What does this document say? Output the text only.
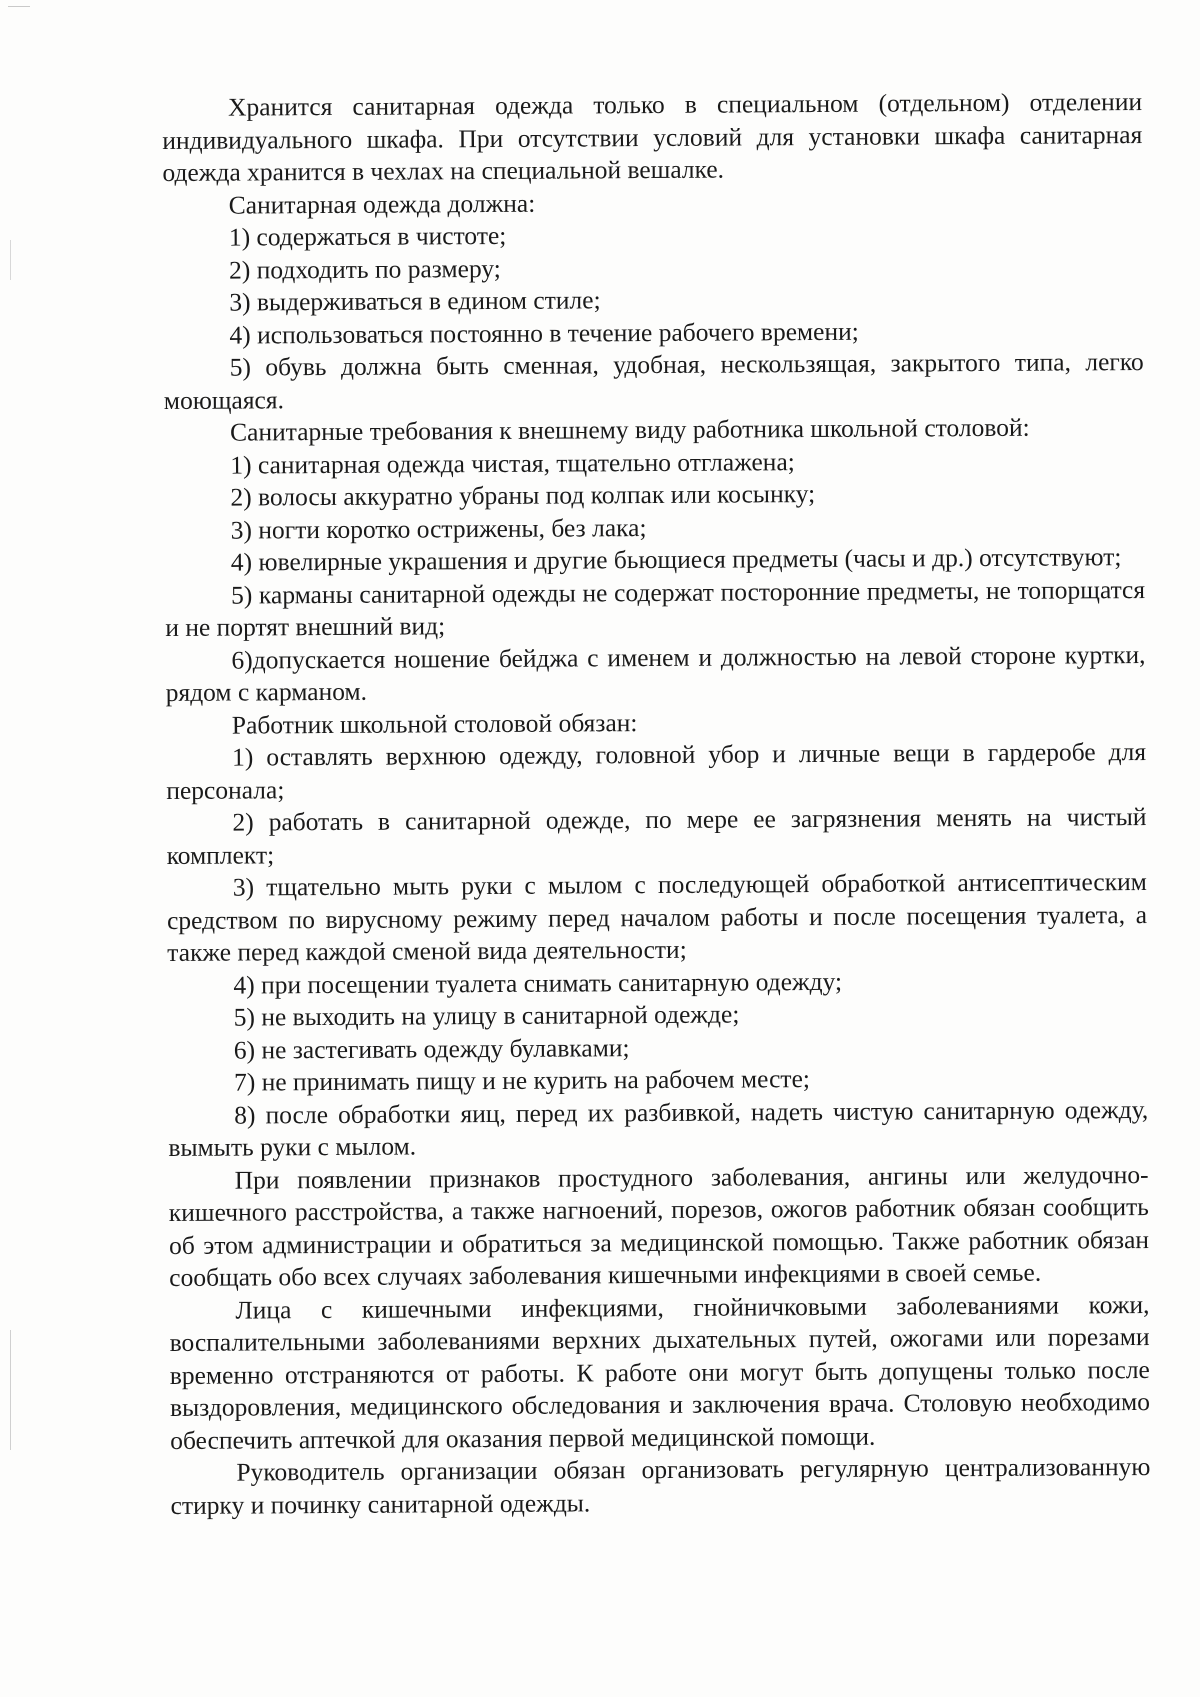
Хранится санитарная одежда только в специальном (отдельном) отделении индивидуального шкафа. При отсутствии условий для установки шкафа санитарная одежда хранится в чехлах на специальной вешалке.

Санитарная одежда должна:

1) содержаться в чистоте;

2) подходить по размеру;

3) выдерживаться в едином стиле;

4) использоваться постоянно в течение рабочего времени;

5) обувь должна быть сменная, удобная, нескользящая, закрытого типа, легко моющаяся.

Санитарные требования к внешнему виду работника школьной столовой:

1) санитарная одежда чистая, тщательно отглажена;

2) волосы аккуратно убраны под колпак или косынку;

3) ногти коротко острижены, без лака;

4) ювелирные украшения и другие бьющиеся предметы (часы и др.) отсутствуют;

5) карманы санитарной одежды не содержат посторонние предметы, не топорщатся и не портят внешний вид;

6)допускается ношение бейджа с именем и должностью на левой стороне куртки, рядом с карманом.

Работник школьной столовой обязан:

1) оставлять верхнюю одежду, головной убор и личные вещи в гардеробе для персонала;

2) работать в санитарной одежде, по мере ее загрязнения менять на чистый комплект;

3) тщательно мыть руки с мылом с последующей обработкой антисептическим средством по вирусному режиму перед началом работы и после посещения туалета, а также перед каждой сменой вида деятельности;

4) при посещении туалета снимать санитарную одежду;

5) не выходить на улицу в санитарной одежде;

6) не застегивать одежду булавками;

7) не принимать пищу и не курить на рабочем месте;

8) после обработки яиц, перед их разбивкой, надеть чистую санитарную одежду, вымыть руки с мылом.

При появлении признаков простудного заболевания, ангины или желудочно-кишечного расстройства, а также нагноений, порезов, ожогов работник обязан сообщить об этом администрации и обратиться за медицинской помощью. Также работник обязан сообщать обо всех случаях заболевания кишечными инфекциями в своей семье.

Лица с кишечными инфекциями, гнойничковыми заболеваниями кожи, воспалительными заболеваниями верхних дыхательных путей, ожогами или порезами временно отстраняются от работы. К работе они могут быть допущены только после выздоровления, медицинского обследования и заключения врача. Столовую необходимо обеспечить аптечкой для оказания первой медицинской помощи.

Руководитель организации обязан организовать регулярную централизованную стирку и починку санитарной одежды.
